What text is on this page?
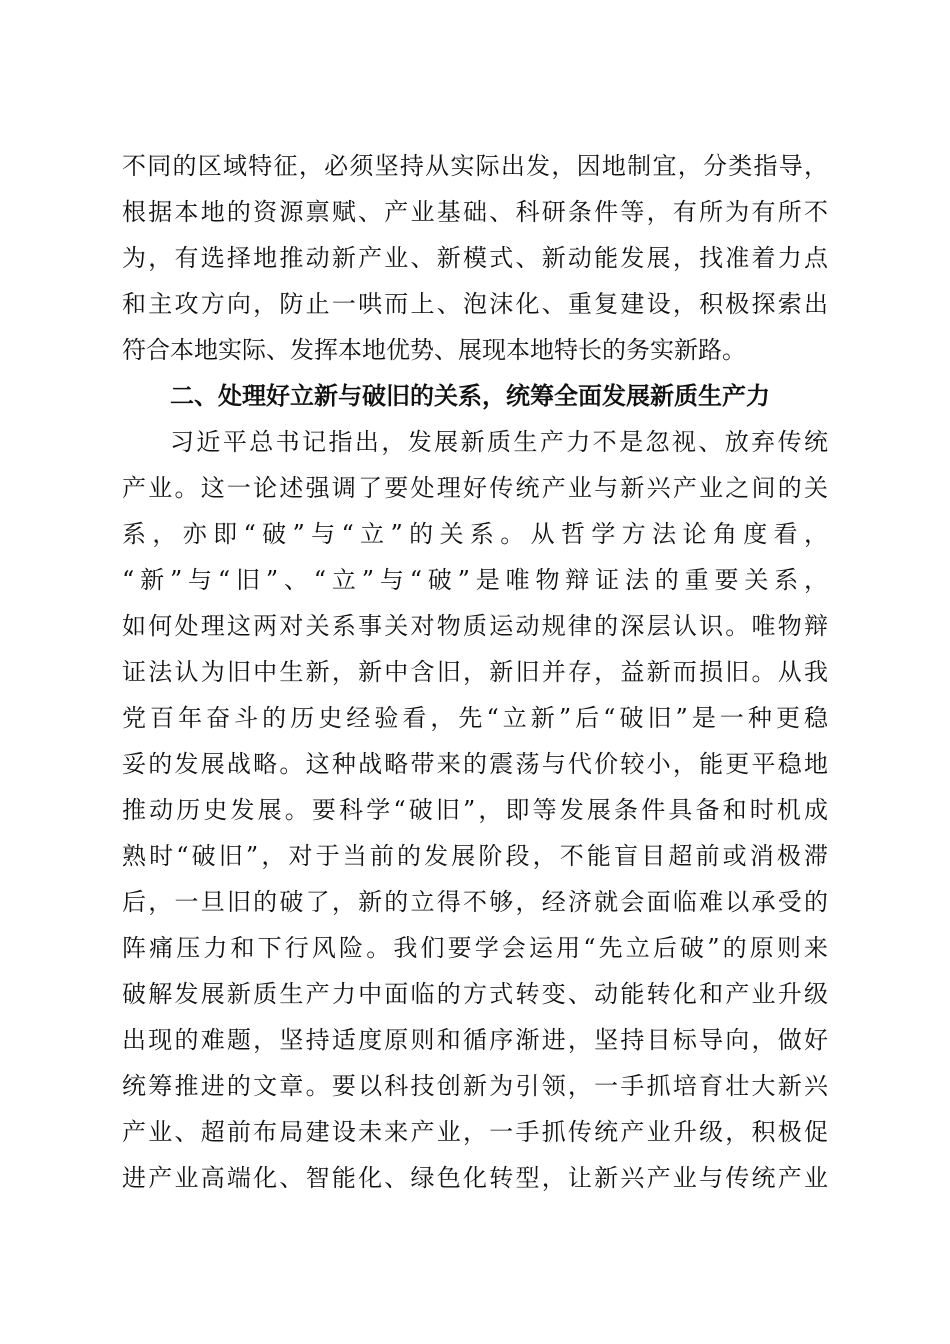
不同的区域特征，必须坚持从实际出发，因地制宜，分类指导，
根据本地的资源禀赋、产业基础、科研条件等，有所为有所不
为，有选择地推动新产业、新模式、新动能发展，找准着力点
和主攻方向，防止一哄而上、泡沫化、重复建设，积极探索出
符合本地实际、发挥本地优势、展现本地特长的务实新路。
二、处理好立新与破旧的关系，统筹全面发展新质生产力
习近平总书记指出，发展新质生产力不是忽视、放弃传统
产业。这一论述强调了要处理好传统产业与新兴产业之间的关
系，亦即“破”与“立”的关系。从哲学方法论角度看，
“新”与“旧”、“立”与“破”是唯物辩证法的重要关系，
如何处理这两对关系事关对物质运动规律的深层认识。唯物辩
证法认为旧中生新，新中含旧，新旧并存，益新而损旧。从我
党百年奋斗的历史经验看，先“立新”后“破旧”是一种更稳
妥的发展战略。这种战略带来的震荡与代价较小，能更平稳地
推动历史发展。要科学“破旧”，即等发展条件具备和时机成
熟时“破旧”，对于当前的发展阶段，不能盲目超前或消极滞
后，一旦旧的破了，新的立得不够，经济就会面临难以承受的
阵痛压力和下行风险。我们要学会运用“先立后破”的原则来
破解发展新质生产力中面临的方式转变、动能转化和产业升级
出现的难题，坚持适度原则和循序渐进，坚持目标导向，做好
统筹推进的文章。要以科技创新为引领，一手抓培育壮大新兴
产业、超前布局建设未来产业，一手抓传统产业升级，积极促
进产业高端化、智能化、绿色化转型，让新兴产业与传统产业
